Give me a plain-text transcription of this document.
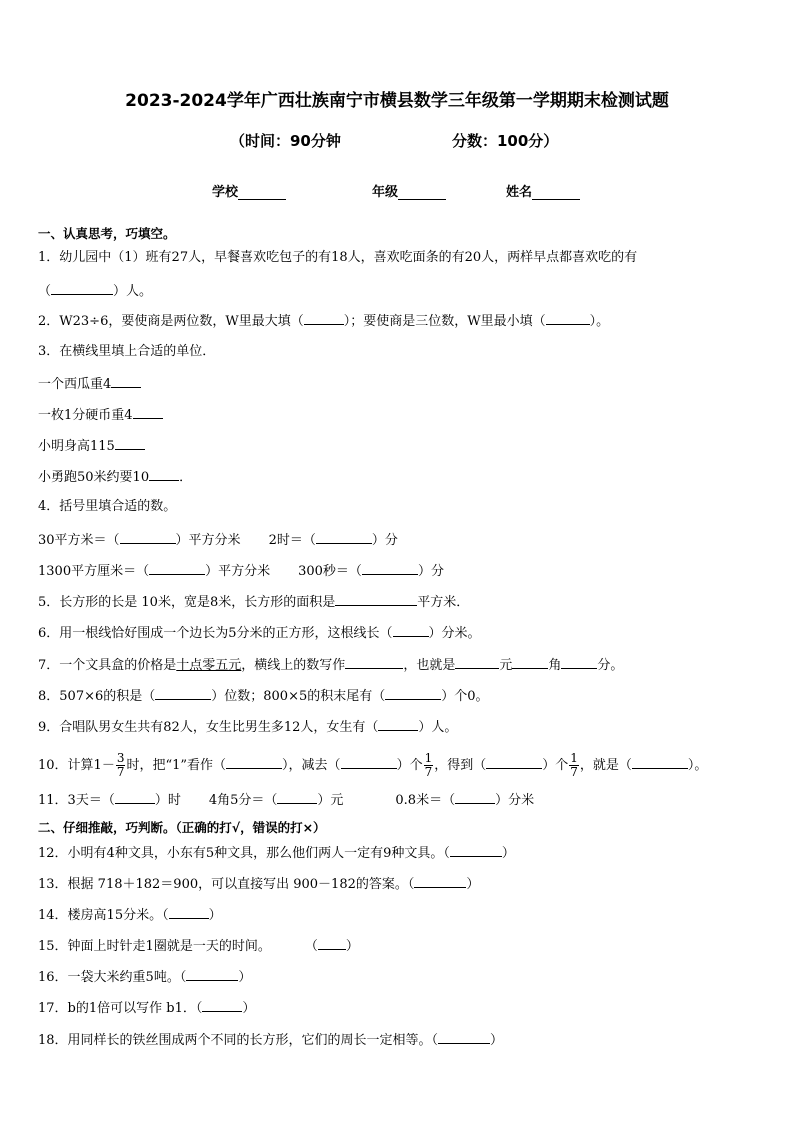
2023-2024学年广西壮族南宁市横县数学三年级第一学期期末检测试题
（时间：90分钟	分数：100分）
学校	年级	姓名
一、认真思考，巧填空。
1．幼儿园中（1）班有27人，早餐喜欢吃包子的有18人，喜欢吃面条的有20人，两样早点都喜欢吃的有
（	）人。
2．W23÷6，要使商是两位数，W里最大填（	）；要使商是三位数，W里最小填（	）。
3．在横线里填上合适的单位．
一个西瓜重4
一枚1分硬币重4
小明身高115
小勇跑50米约要10 ．
4．括号里填合适的数。
30平方米＝（	）平方分米 2时＝（	）分
1300平方厘米＝（	）平方分米 300秒＝（	）分
5．长方形的长是 10米，宽是8米，长方形的面积是	平方米．
6．用一根线恰好围成一个边长为5分米的正方形，这根线长（	）分米。
7．一个文具盒的价格是十点零五元，横线上的数写作	，也就是	元	角	分。
8．507×6的积是（	）位数；800×5的积末尾有（	）个0。
9．合唱队男女生共有82人，女生比男生多12人，女生有（	）人。
10．计算$1- \frac{3}{7}$ 时，把“1”看作（	），减去（	）个 $\frac{1}{7}$ ，得到（	）个 $\frac{1}{7}$ ，就是（	）。
11．3天＝（	）时 4角5分＝（	）元	0.8米＝（	）分米
二、仔细推敲，巧判断。（正确的打√，错误的打×）
12．小明有4种文具，小东有5种文具，那么他们两人一定有9种文具。（	）
13．根据 718＋182＝900，可以直接写出 900－182的答案。（	）
14．楼房高15分米。（	）
15．钟面上时针走1圈就是一天的时间。	（ ）
16．一袋大米约重5吨。（	）
17．b的1倍可以写作 b1．（	）
18．用同样长的铁丝围成两个不同的长方形，它们的周长一定相等。（	）
